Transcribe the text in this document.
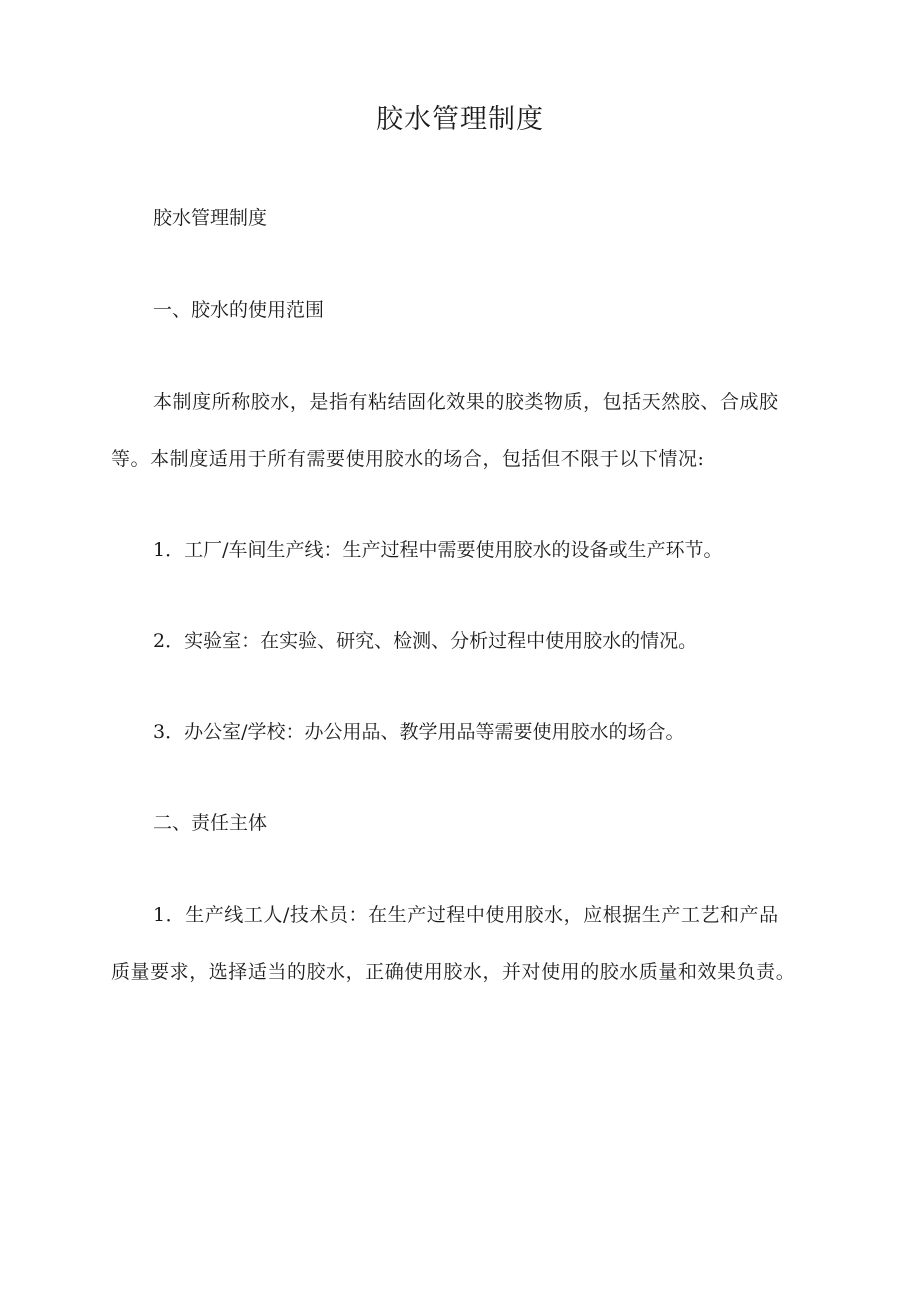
胶水管理制度

胶水管理制度

一、胶水的使用范围

本制度所称胶水，是指有粘结固化效果的胶类物质，包括天然胶、合成胶

等。本制度适用于所有需要使用胶水的场合，包括但不限于以下情况:

1．工厂/车间生产线：生产过程中需要使用胶水的设备或生产环节。

2．实验室：在实验、研究、检测、分析过程中使用胶水的情况。

3．办公室/学校：办公用品、教学用品等需要使用胶水的场合。

二、责任主体

1．生产线工人/技术员：在生产过程中使用胶水，应根据生产工艺和产品

质量要求，选择适当的胶水，正确使用胶水，并对使用的胶水质量和效果负责。
